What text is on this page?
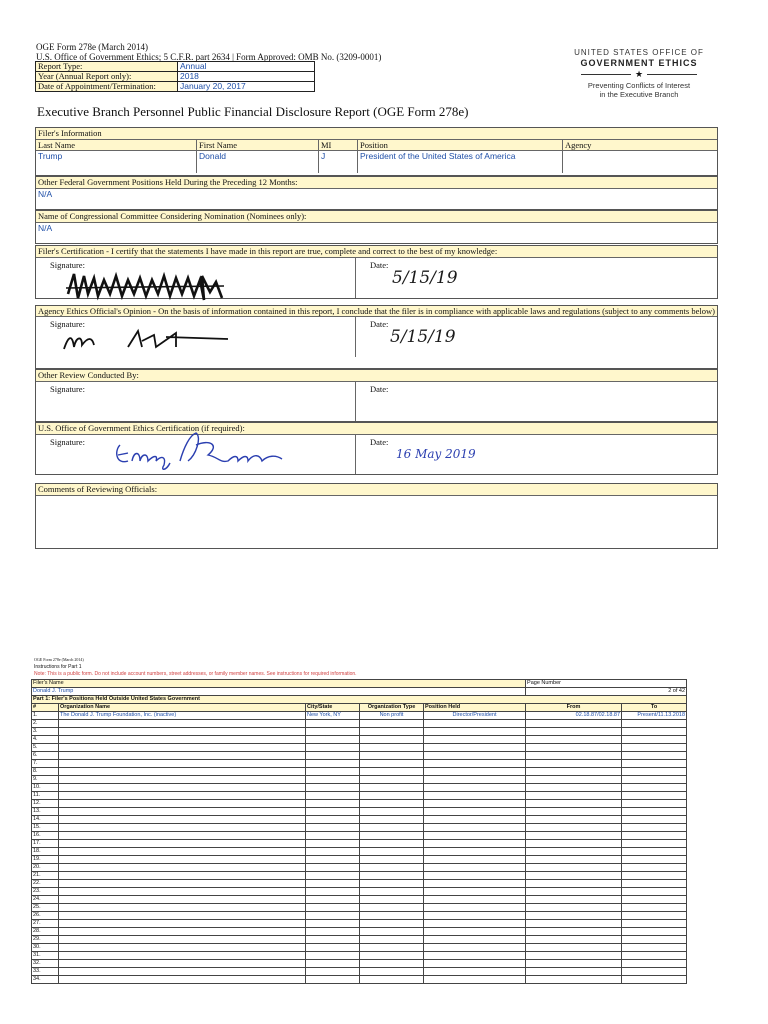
OGE Form 278e (March 2014)
U.S. Office of Government Ethics; 5 C.F.R. part 2634 | Form Approved: OMB No. (3209-0001)
Report Type:	Annual
Year (Annual Report only):	2018
Date of Appointment/Termination:	January 20, 2017
UNITED STATES OFFICE OF
GOVERNMENT ETHICS
★
Preventing Conflicts of Interest
in the Executive Branch
Executive Branch Personnel Public Financial Disclosure Report (OGE Form 278e)
Filer's Information
Last Name	First Name	MI	Position	Agency
Trump	Donald	J	President of the United States of America	
Other Federal Government Positions Held During the Preceding 12 Months:
N/A
Name of Congressional Committee Considering Nomination (Nominees only):
N/A
Filer's Certification - I certify that the statements I have made in this report are true, complete and correct to the best of my knowledge:
Signature:	Date:
5/15/19
Agency Ethics Official's Opinion - On the basis of information contained in this report, I conclude that the filer is in compliance with applicable laws and regulations (subject to any comments below)
Signature:	Date:
5/15/19
Other Review Conducted By:
Signature:	Date:
U.S. Office of Government Ethics Certification (if required):
Signature:	Date:
16 May 2019
Comments of Reviewing Officials:
OGE Form 278e (March 2014)
Instructions for Part 1
Note: This is a public form. Do not include account numbers, street addresses, or family member names. See instructions for required information.
Filer's Name					Page Number	
Donald J. Trump					2 of 42	
Part 1: Filer's Positions Held Outside United States Government						
#	Organization Name	City/State	Organization Type	Position Held	From	To
1.	The Donald J. Trump Foundation, Inc. (inactive)	New York, NY	Non profit	Director/President	02.18.87/02.18.87	Present/11.13.2018
2.						
3.						
4.						
5.						
6.						
7.						
8.						
9.						
10.						
11.						
12.						
13.						
14.						
15.						
16.						
17.						
18.						
19.						
20.						
21.						
22.						
23.						
24.						
25.						
26.						
27.						
28.						
29.						
30.						
31.						
32.						
33.						
34.						
